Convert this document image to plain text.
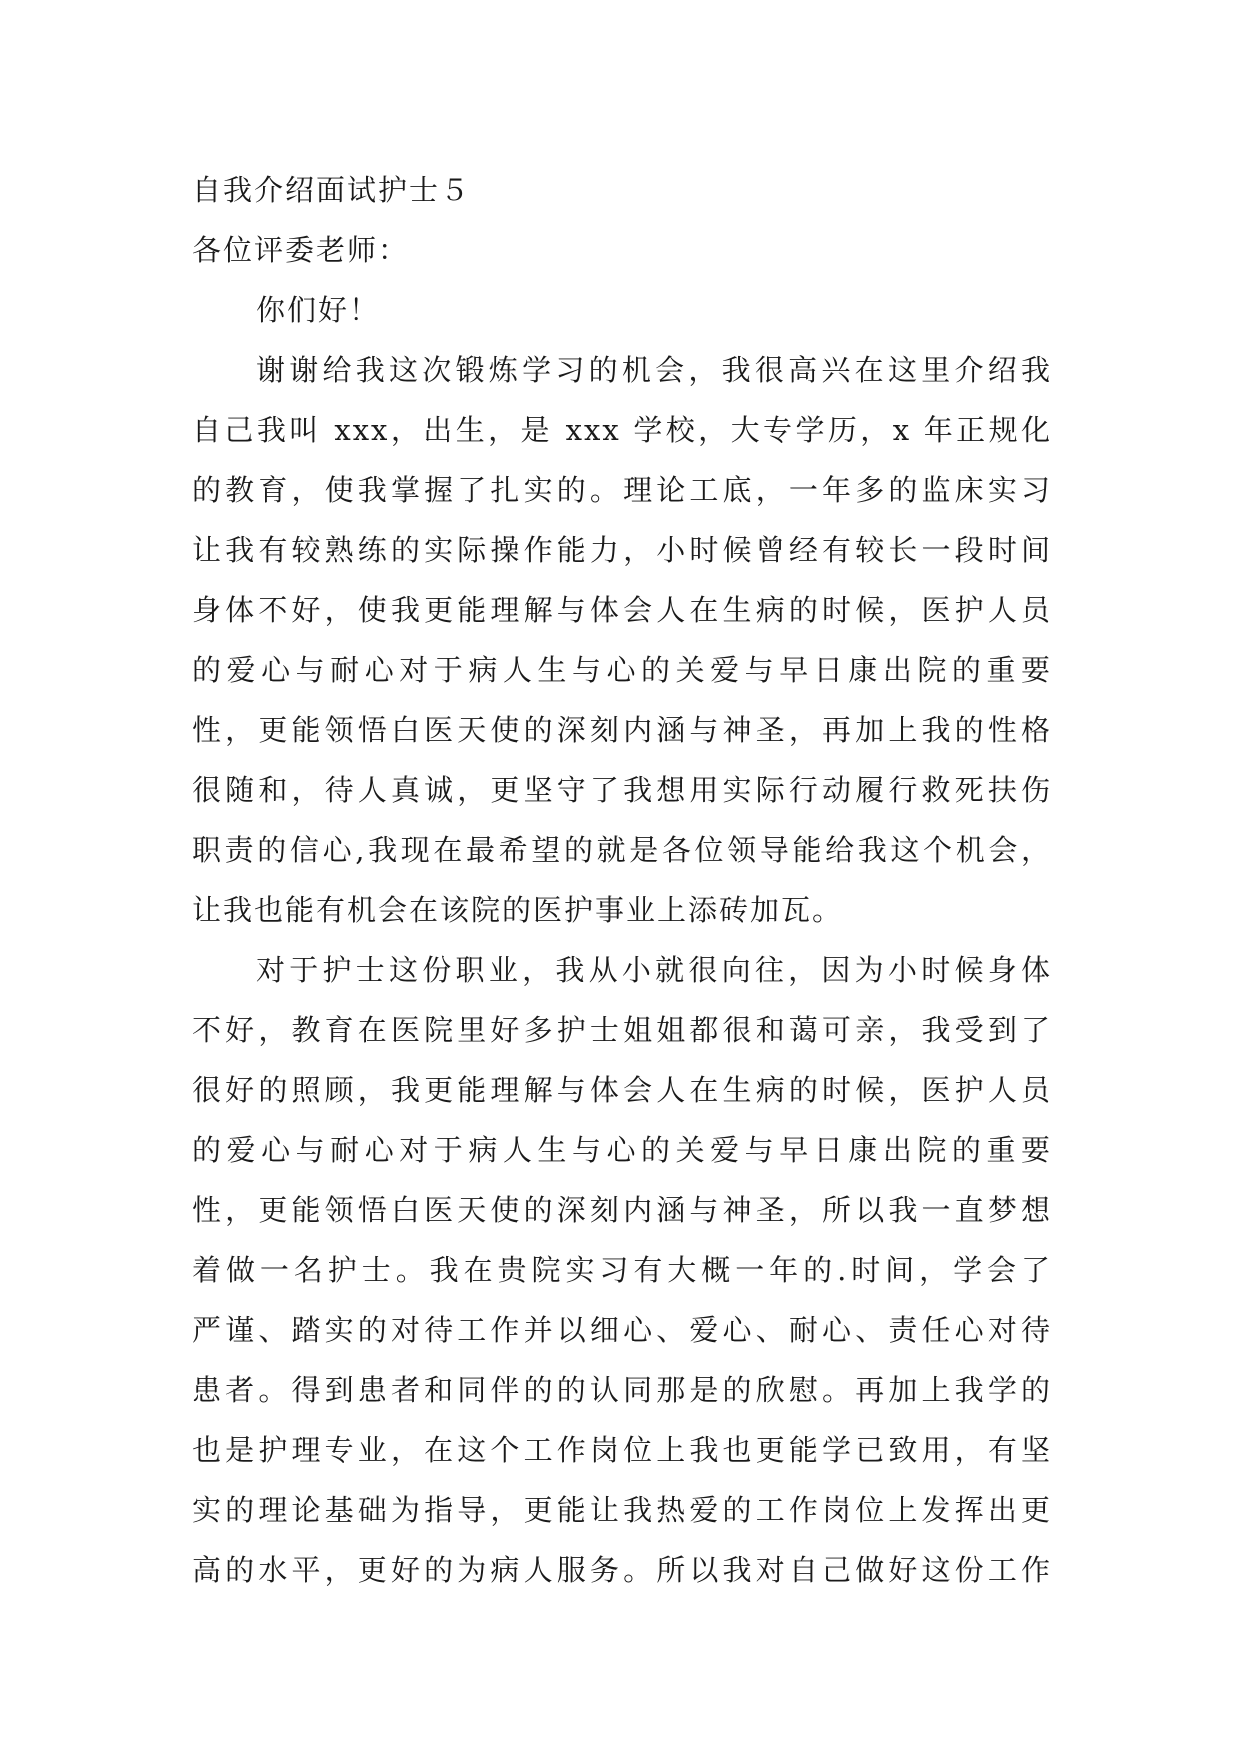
自我介绍面试护士５
各位评委老师：
你们好！
谢谢给我这次锻炼学习的机会，我很高兴在这里介绍我
自己我叫 xxx，出生，是 xxx 学校，大专学历，x 年正规化
的教育，使我掌握了扎实的。理论工底，一年多的监床实习
让我有较熟练的实际操作能力，小时候曾经有较长一段时间
身体不好，使我更能理解与体会人在生病的时候，医护人员
的爱心与耐心对于病人生与心的关爱与早日康出院的重要
性，更能领悟白医天使的深刻内涵与神圣，再加上我的性格
很随和，待人真诚，更坚守了我想用实际行动履行救死扶伤
职责的信心,我现在最希望的就是各位领导能给我这个机会，
让我也能有机会在该院的医护事业上添砖加瓦。
对于护士这份职业，我从小就很向往，因为小时候身体
不好，教育在医院里好多护士姐姐都很和蔼可亲，我受到了
很好的照顾，我更能理解与体会人在生病的时候，医护人员
的爱心与耐心对于病人生与心的关爱与早日康出院的重要
性，更能领悟白医天使的深刻内涵与神圣，所以我一直梦想
着做一名护士。我在贵院实习有大概一年的.时间，学会了
严谨、踏实的对待工作并以细心、爱心、耐心、责任心对待
患者。得到患者和同伴的的认同那是的欣慰。再加上我学的
也是护理专业，在这个工作岗位上我也更能学已致用，有坚
实的理论基础为指导，更能让我热爱的工作岗位上发挥出更
高的水平，更好的为病人服务。所以我对自己做好这份工作
